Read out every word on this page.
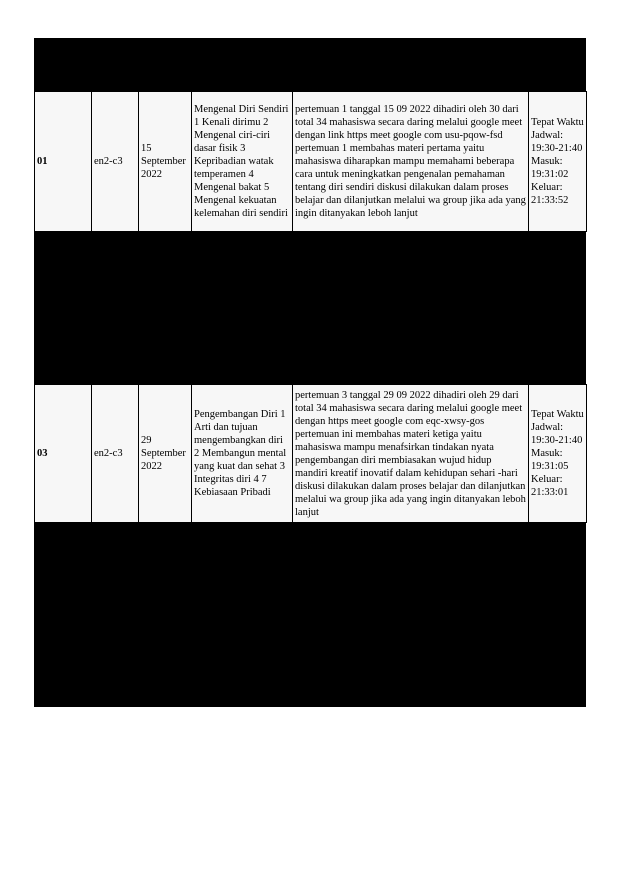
01	en2-c3	15 September 2022	Mengenal Diri Sendiri 1 Kenali dirimu 2 Mengenal ciri-ciri dasar fisik 3 Kepribadian watak temperamen 4 Mengenal bakat 5 Mengenal kekuatan kelemahan diri sendiri	pertemuan 1 tanggal 15 09 2022 dihadiri oleh 30 dari total 34 mahasiswa secara daring melalui google meet dengan link https meet google com usu-pqow-fsd pertemuan 1 membahas materi pertama yaitu mahasiswa diharapkan mampu memahami beberapa cara untuk meningkatkan pengenalan pemahaman tentang diri sendiri diskusi dilakukan dalam proses belajar dan dilanjutkan melalui wa group jika ada yang ingin ditanyakan leboh lanjut	Tepat Waktu Jadwal: 19:30-21:40 Masuk: 19:31:02 Keluar: 21:33:52
03	en2-c3	29 September 2022	Pengembangan Diri 1 Arti dan tujuan mengembangkan diri 2 Membangun mental yang kuat dan sehat 3 Integritas diri 4 7 Kebiasaan Pribadi	pertemuan 3 tanggal 29 09 2022 dihadiri oleh 29 dari total 34 mahasiswa secara daring melalui google meet dengan https meet google com eqc-xwsy-gos pertemuan ini membahas materi ketiga yaitu mahasiswa mampu menafsirkan tindakan nyata pengembangan diri membiasakan wujud hidup mandiri kreatif inovatif dalam kehidupan sehari -hari diskusi dilakukan dalam proses belajar dan dilanjutkan melalui wa group jika ada yang ingin ditanyakan leboh lanjut	Tepat Waktu Jadwal: 19:30-21:40 Masuk: 19:31:05 Keluar: 21:33:01
